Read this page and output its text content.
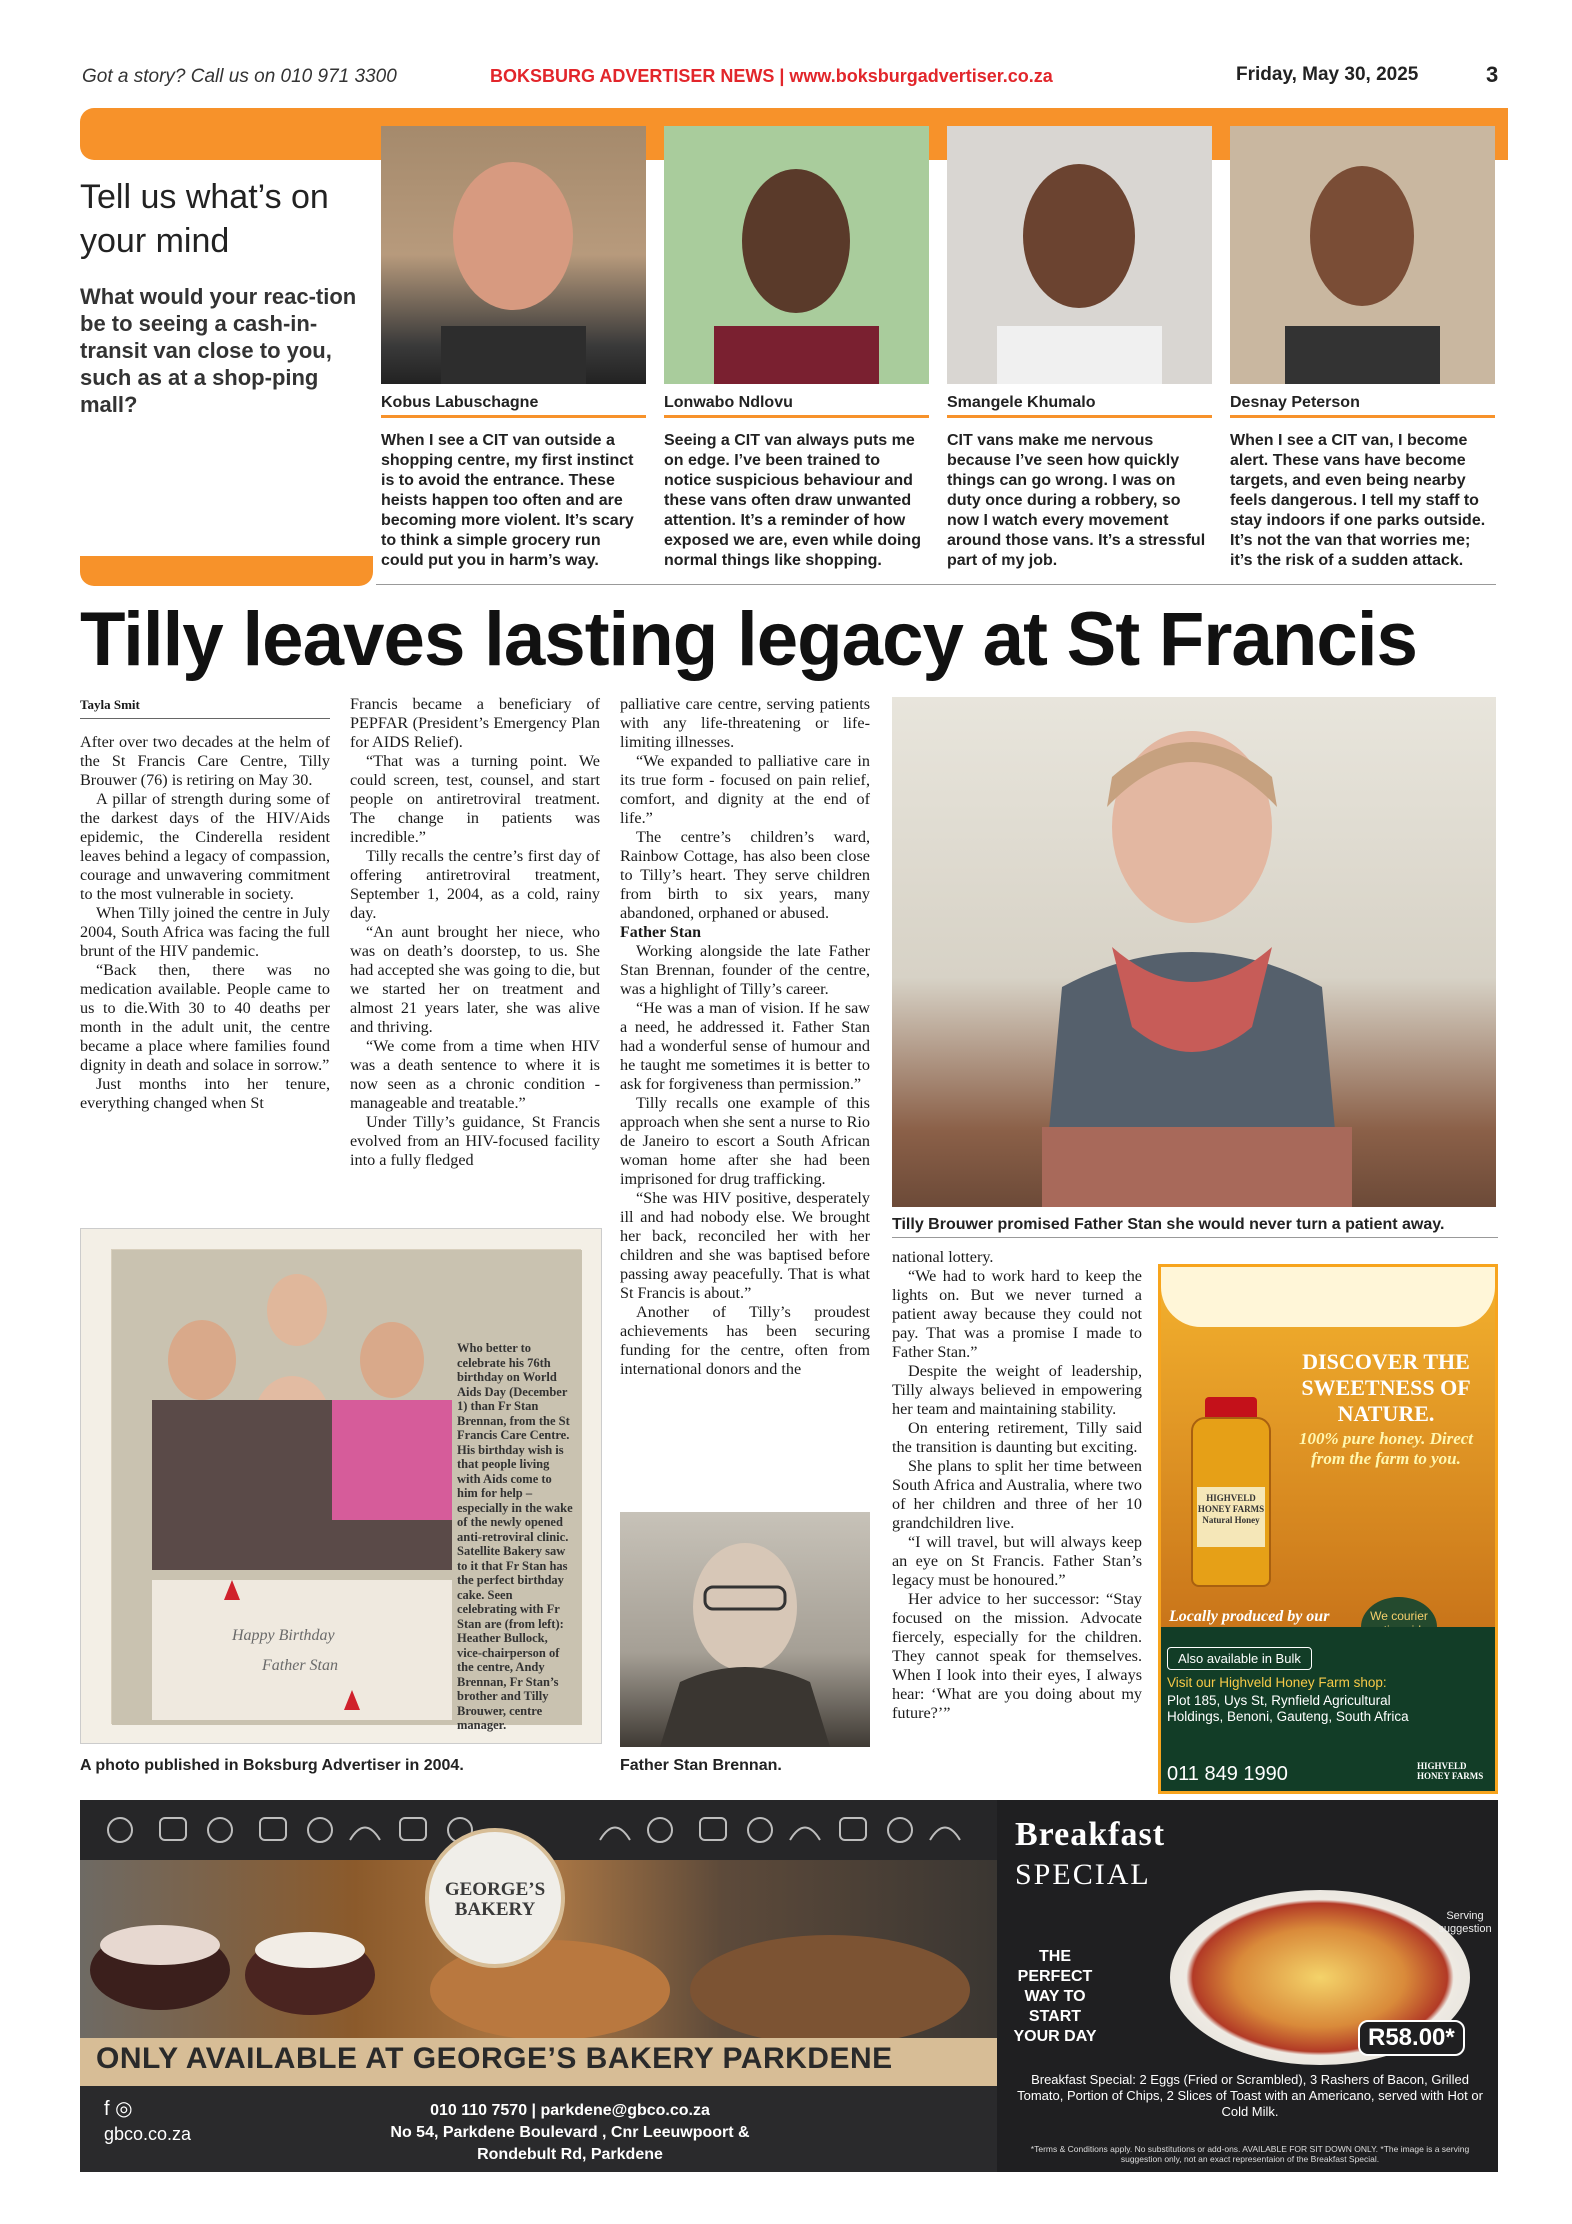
Got a story? Call us on 010 971 3300	BOKSBURG ADVERTISER NEWS | www.boksburgadvertiser.co.za	Friday, May 30, 2025	3
Tell us what’s on your mind
What would your reac-tion be to seeing a cash-in-transit van close to you, such as at a shop-ping mall?	Kobus Labuschagne	Lonwabo Ndlovu	Smangele Khumalo	Desnay Peterson
When I see a CIT van outside a shopping centre, my first instinct is to avoid the entrance. These heists happen too often and are becoming more violent. It’s scary to think a simple grocery run could put you in harm’s way.
Seeing a CIT van always puts me on edge. I’ve been trained to notice suspicious behaviour and these vans often draw unwanted attention. It’s a reminder of how exposed we are, even while doing normal things like shopping.
CIT vans make me nervous because I’ve seen how quickly things can go wrong. I was on duty once during a robbery, so now I watch every movement around those vans. It’s a stressful part of my job.
When I see a CIT van, I become alert. These vans have become targets, and even being nearby feels dangerous. I tell my staff to stay indoors if one parks outside. It’s not the van that worries me; it’s the risk of a sudden attack.
Tilly leaves lasting legacy at St Francis
Tayla Smit

After over two decades at the helm of the St Francis Care Centre, Tilly Brouwer (76) is retiring on May 30.

A pillar of strength during some of the darkest days of the HIV/Aids epidemic, the Cinderella resident leaves behind a legacy of compassion, courage and unwavering commitment to the most vulnerable in society.

When Tilly joined the centre in July 2004, South Africa was facing the full brunt of the HIV pandemic.

“Back then, there was no medication available. People came to us to die.With 30 to 40 deaths per month in the adult unit, the centre became a place where families found dignity in death and solace in sorrow.”

Just months into her tenure, everything changed when St

Francis became a beneficiary of PEPFAR (President’s Emergency Plan for AIDS Relief).

“That was a turning point. We could screen, test, counsel, and start people on antiretroviral treatment. The change in patients was incredible.”

Tilly recalls the centre’s first day of offering antiretroviral treatment, September 1, 2004, as a cold, rainy day.

“An aunt brought her niece, who was on death’s doorstep, to us. She had accepted she was going to die, but we started her on treatment and almost 21 years later, she was alive and thriving.

“We come from a time when HIV was a death sentence to where it is now seen as a chronic condition - manageable and treatable.”

Under Tilly’s guidance, St Francis evolved from an HIV-focused facility into a fully fledged

palliative care centre, serving patients with any life-threatening or life-limiting illnesses.

“We expanded to palliative care in its true form - focused on pain relief, comfort, and dignity at the end of life.”

The centre’s children’s ward, Rainbow Cottage, has also been close to Tilly’s heart. They serve children from birth to six years, many abandoned, orphaned or abused.

Father Stan

Working alongside the late Father Stan Brennan, founder of the centre, was a highlight of Tilly’s career.

“He was a man of vision. If he saw a need, he addressed it. Father Stan had a wonderful sense of humour and he taught me sometimes it is better to ask for forgiveness than permission.”

Tilly recalls one example of this approach when she sent a nurse to Rio de Janeiro to escort a South African woman home after she had been imprisoned for drug trafficking.

“She was HIV positive, desperately ill and had nobody else. We brought her back, reconciled her with her children and she was baptised before passing away peacefully. That is what St Francis is about.”

Another of Tilly’s proudest achievements has been securing funding for the centre, often from international donors and the

national lottery.

“We had to work hard to keep the lights on. But we never turned a patient away because they could not pay. That was a promise I made to Father Stan.”

Despite the weight of leadership, Tilly always believed in empowering her team and maintaining stability.

On entering retirement, Tilly said the transition is daunting but exciting.

She plans to split her time between South Africa and Australia, where two of her children and three of her 10 grandchildren live.

“I will travel, but will always keep an eye on St Francis. Father Stan’s legacy must be honoured.”

Her advice to her successor: “Stay focused on the mission. Advocate fiercely, especially for the children. They cannot speak for themselves. When I look into their eyes, I always hear: ‘What are you doing about my future?’”

Tilly Brouwer promised Father Stan she would never turn a patient away.
Happy Birthday
Father Stan
Who better to celebrate his 76th birthday on World Aids Day (December 1) than Fr Stan Brennan, from the St Francis Care Centre. His birthday wish is that people living with Aids come to him for help – especially in the wake of the newly opened anti-retroviral clinic. Satellite Bakery saw to it that Fr Stan has the perfect birthday cake. Seen celebrating with Fr Stan are (from left): Heather Bullock, vice-chairperson of the centre, Andy Brennan, Fr Stan’s brother and Tilly Brouwer, centre manager.
A photo published in Boksburg Advertiser in 2004.	Father Stan Brennan.
DISCOVER THE SWEETNESS OF NATURE.
100% pure honey. Direct from the farm to you.
HIGHVELD HONEY FARMS Natural Honey
Locally produced by our	We courier
Also available in Bulk
Visit our Highveld Honey Farm shop:
Plot 185, Uys St, Rynfield Agricultural Holdings, Benoni, Gauteng, South Africa
011 849 1990	HIGHVELD HONEY FARMS
ONLY AVAILABLE AT GEORGE’S BAKERY PARKDENE
GEORGE’S BAKERY
f ◎
gbco.co.za
010 110 7570 | parkdene@gbco.co.za
No 54, Parkdene Boulevard , Cnr Leeuwpoort & Rondebult Rd, Parkdene
Breakfast
SPECIAL
THE PERFECT WAY TO START YOUR DAY
Serving suggestion
R58.00*
Breakfast Special: 2 Eggs (Fried or Scrambled), 3 Rashers of Bacon, Grilled Tomato, Portion of Chips, 2 Slices of Toast with an Americano, served with Hot or Cold Milk.
*Terms & Conditions apply. No substitutions or add-ons. AVAILABLE FOR SIT DOWN ONLY. *The image is a serving suggestion only, not an exact representaion of the Breakfast Special.
